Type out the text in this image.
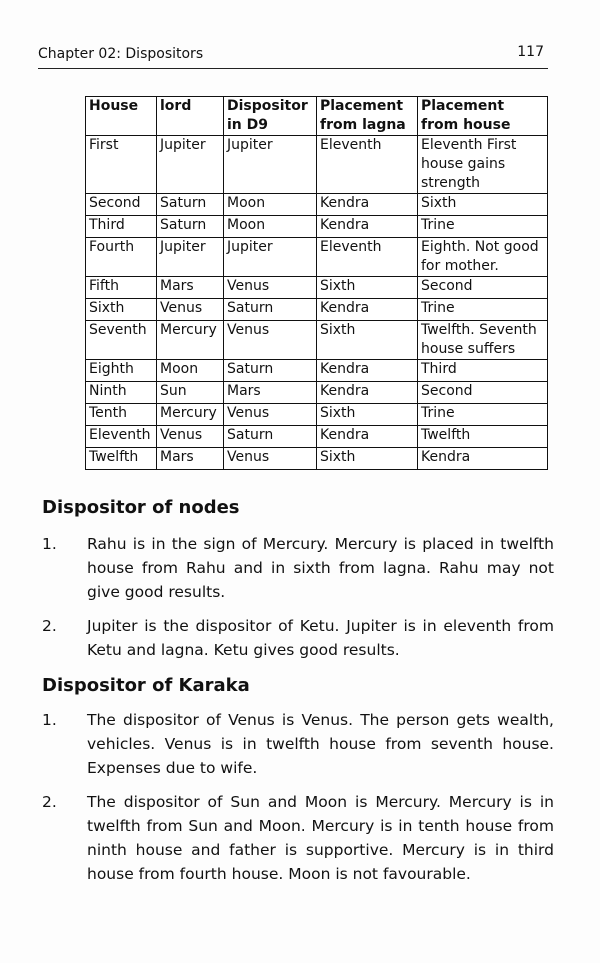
Chapter 02: Dispositors	117
House	lord	Dispositor in D9	Placement from lagna	Placement from house
First	Jupiter	Jupiter	Eleventh	Eleventh First house gains strength
Second	Saturn	Moon	Kendra	Sixth
Third	Saturn	Moon	Kendra	Trine
Fourth	Jupiter	Jupiter	Eleventh	Eighth. Not good for mother.
Fifth	Mars	Venus	Sixth	Second
Sixth	Venus	Saturn	Kendra	Trine
Seventh	Mercury	Venus	Sixth	Twelfth. Seventh house suffers
Eighth	Moon	Saturn	Kendra	Third
Ninth	Sun	Mars	Kendra	Second
Tenth	Mercury	Venus	Sixth	Trine
Eleventh	Venus	Saturn	Kendra	Twelfth
Twelfth	Mars	Venus	Sixth	Kendra
Dispositor of nodes
1.	Rahu is in the sign of Mercury. Mercury is placed in twelfth house from Rahu and in sixth from lagna. Rahu may not give good results.
2.	Jupiter is the dispositor of Ketu. Jupiter is in eleventh from Ketu and lagna. Ketu gives good results.
Dispositor of Karaka
1.	The dispositor of Venus is Venus. The person gets wealth, vehicles. Venus is in twelfth house from seventh house. Expenses due to wife.
2.	The dispositor of Sun and Moon is Mercury. Mercury is in twelfth from Sun and Moon. Mercury is in tenth house from ninth house and father is supportive. Mercury is in third house from fourth house. Moon is not favourable.
